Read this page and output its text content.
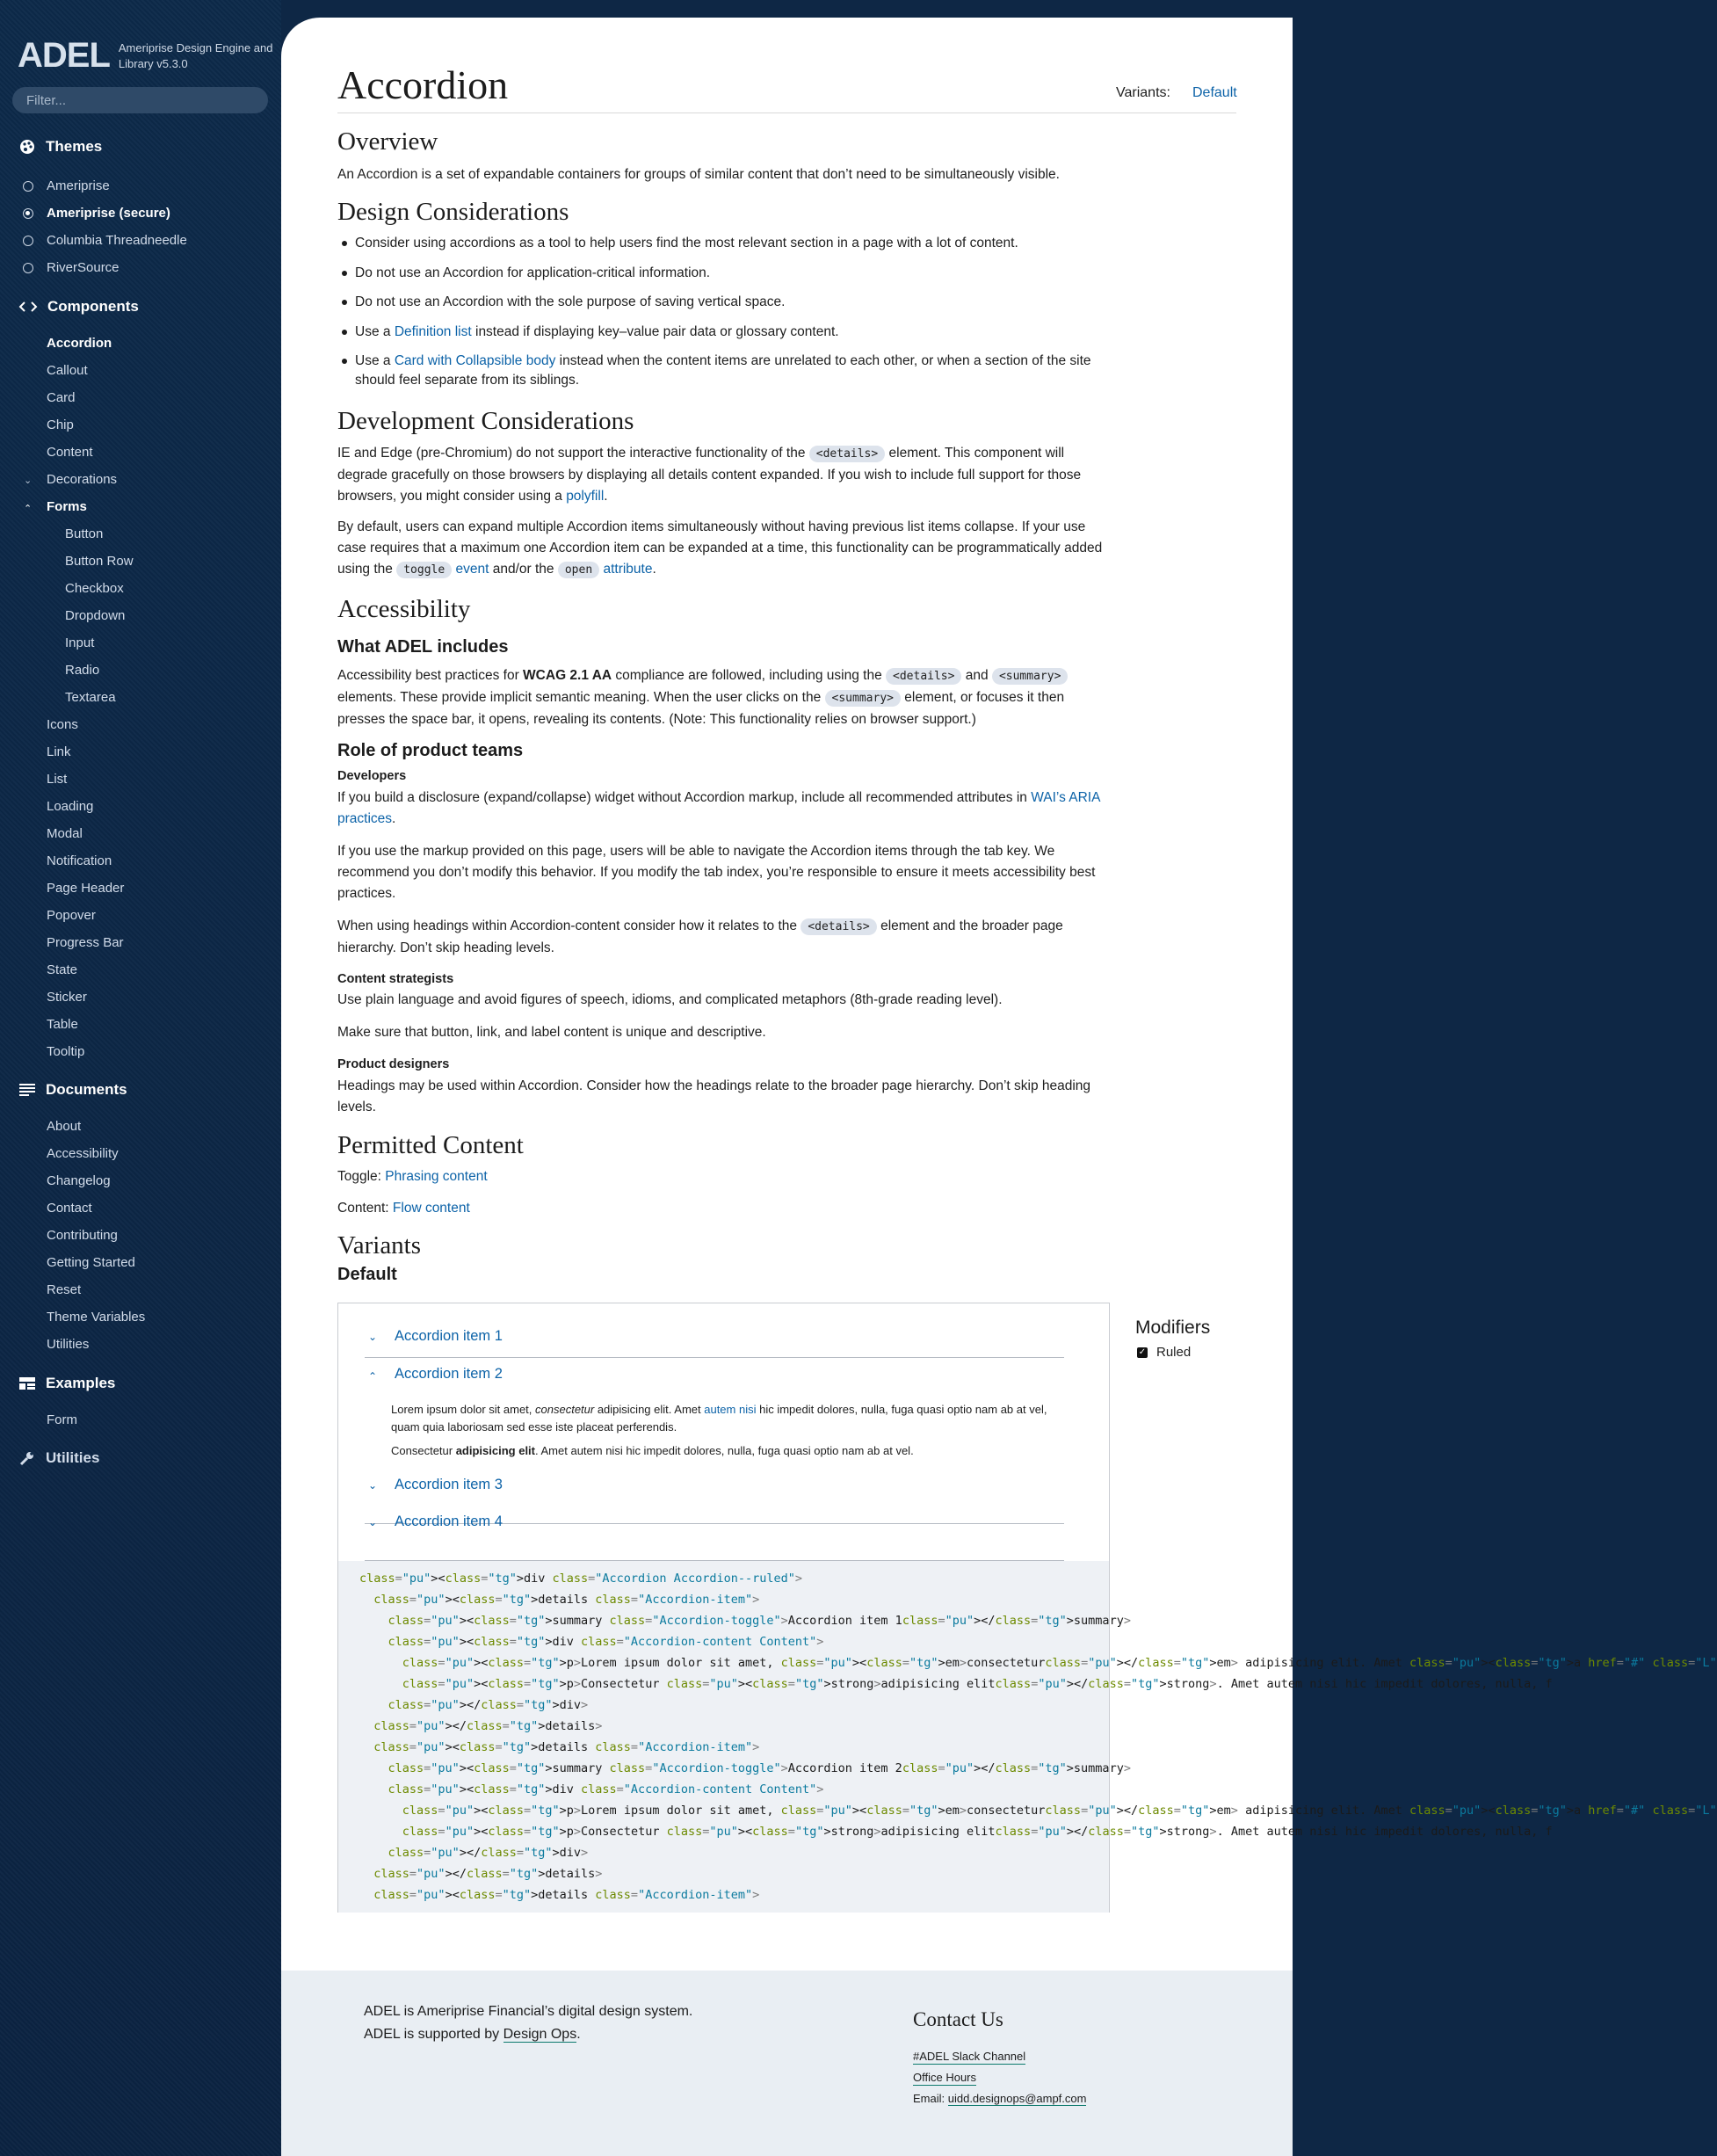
ADEL Ameriprise Design Engine and Library v5.3.0
Filter...
Themes
Ameriprise
Ameriprise (secure)
Columbia Threadneedle
RiverSource
Components
Accordion
Callout
Card
Chip
Content
⌄ Decorations
⌃ Forms
Button
Button Row
Checkbox
Dropdown
Input
Radio
Textarea
Icons
Link
List
Loading
Modal
Notification
Page Header
Popover
Progress Bar
State
Sticker
Table
Tooltip
Documents
About
Accessibility
Changelog
Contact
Contributing
Getting Started
Reset
Theme Variables
Utilities
Examples
Form
Utilities
Accordion	Variants: Default
Overview

An Accordion is a set of expandable containers for groups of similar content that don’t need to be simultaneously visible.

Design Considerations
Consider using accordions as a tool to help users find the most relevant section in a page with a lot of content.
Do not use an Accordion for application-critical information.
Do not use an Accordion with the sole purpose of saving vertical space.
Use a Definition list instead if displaying key–value pair data or glossary content.
Use a Card with Collapsible body instead when the content items are unrelated to each other, or when a section of the site should feel separate from its siblings.
Development Considerations

IE and Edge (pre-Chromium) do not support the interactive functionality of the <details> element. This component will degrade gracefully on those browsers by displaying all details content expanded. If you wish to include full support for those browsers, you might consider using a polyfill.

By default, users can expand multiple Accordion items simultaneously without having previous list items collapse. If your use case requires that a maximum one Accordion item can be expanded at a time, this functionality can be programmatically added using the toggle event and/or the open attribute.

Accessibility
What ADEL includes

Accessibility best practices for WCAG 2.1 AA compliance are followed, including using the <details> and <summary> elements. These provide implicit semantic meaning. When the user clicks on the <summary> element, or focuses it then presses the space bar, it opens, revealing its contents. (Note: This functionality relies on browser support.)

Role of product teams
Developers

If you build a disclosure (expand/collapse) widget without Accordion markup, include all recommended attributes in WAI’s ARIA practices.

If you use the markup provided on this page, users will be able to navigate the Accordion items through the tab key. We recommend you don’t modify this behavior. If you modify the tab index, you’re responsible to ensure it meets accessibility best practices.

When using headings within Accordion-content consider how it relates to the <details> element and the broader page hierarchy. Don’t skip heading levels.

Content strategists

Use plain language and avoid figures of speech, idioms, and complicated metaphors (8th-grade reading level).

Make sure that button, link, and label content is unique and descriptive.

Product designers

Headings may be used within Accordion. Consider how the headings relate to the broader page hierarchy. Don’t skip heading levels.

Permitted Content

Toggle: Phrasing content

Content: Flow content

Variants
Default
⌄ Accordion item 1
⌃ Accordion item 2

Lorem ipsum dolor sit amet, consectetur adipisicing elit. Amet autem nisi hic impedit dolores, nulla, fuga quasi optio nam ab at vel, quam quia laboriosam sed esse iste placeat perferendis.

Consectetur adipisicing elit. Amet autem nisi hic impedit dolores, nulla, fuga quasi optio nam ab at vel.

⌄ Accordion item 3
⌄ Accordion item 4
class="pu"><class="tg">div class="Accordion Accordion--ruled">
class="pu"><class="tg">details class="Accordion-item">
class="pu"><class="tg">summary class="Accordion-toggle">Accordion item 1class="pu"></class="tg">summary>
class="pu"><class="tg">div class="Accordion-content Content">
class="pu"><class="tg">p>Lorem ipsum dolor sit amet, class="pu"><class="tg">em>consecteturclass="pu"></class="tg">em> adipisicing elit. Amet class="pu"><class="tg">a href="#" class="L"
class="pu"><class="tg">p>Consectetur class="pu"><class="tg">strong>adipisicing elitclass="pu"></class="tg">strong>. Amet autem nisi hic impedit dolores, nulla, f
class="pu"></class="tg">div>
class="pu"></class="tg">details>
class="pu"><class="tg">details class="Accordion-item">
class="pu"><class="tg">summary class="Accordion-toggle">Accordion item 2class="pu"></class="tg">summary>
class="pu"><class="tg">div class="Accordion-content Content">
class="pu"><class="tg">p>Lorem ipsum dolor sit amet, class="pu"><class="tg">em>consecteturclass="pu"></class="tg">em> adipisicing elit. Amet class="pu"><class="tg">a href="#" class="L"
class="pu"><class="tg">p>Consectetur class="pu"><class="tg">strong>adipisicing elitclass="pu"></class="tg">strong>. Amet autem nisi hic impedit dolores, nulla, f
class="pu"></class="tg">div>
class="pu"></class="tg">details>
class="pu"><class="tg">details class="Accordion-item">
Modifiers
✓ Ruled
ADEL is Ameriprise Financial’s digital design system.
ADEL is supported by Design Ops.
Contact Us
#ADEL Slack Channel
Office Hours
Email: uidd.designops@ampf.com
